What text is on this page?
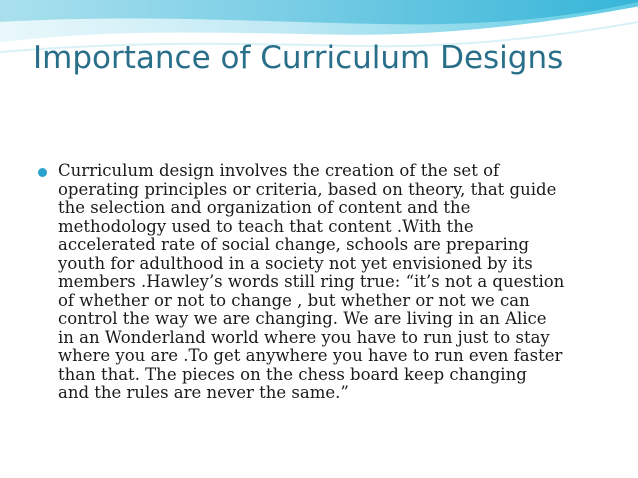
Importance of Curriculum Designs
Curriculum design involves the creation of the set of
operating principles or criteria, based on theory, that guide
the selection and organization of content and the
methodology used to teach that content .With the
accelerated rate of social change, schools are preparing
youth for adulthood in a society not yet envisioned by its
members .Hawley’s words still ring true: “it’s not a question
of whether or not to change , but whether or not we can
control the way we are changing. We are living in an Alice
in an Wonderland world where you have to run just to stay
where you are .To get anywhere you have to run even faster
than that. The pieces on the chess board keep changing
and the rules are never the same.”
